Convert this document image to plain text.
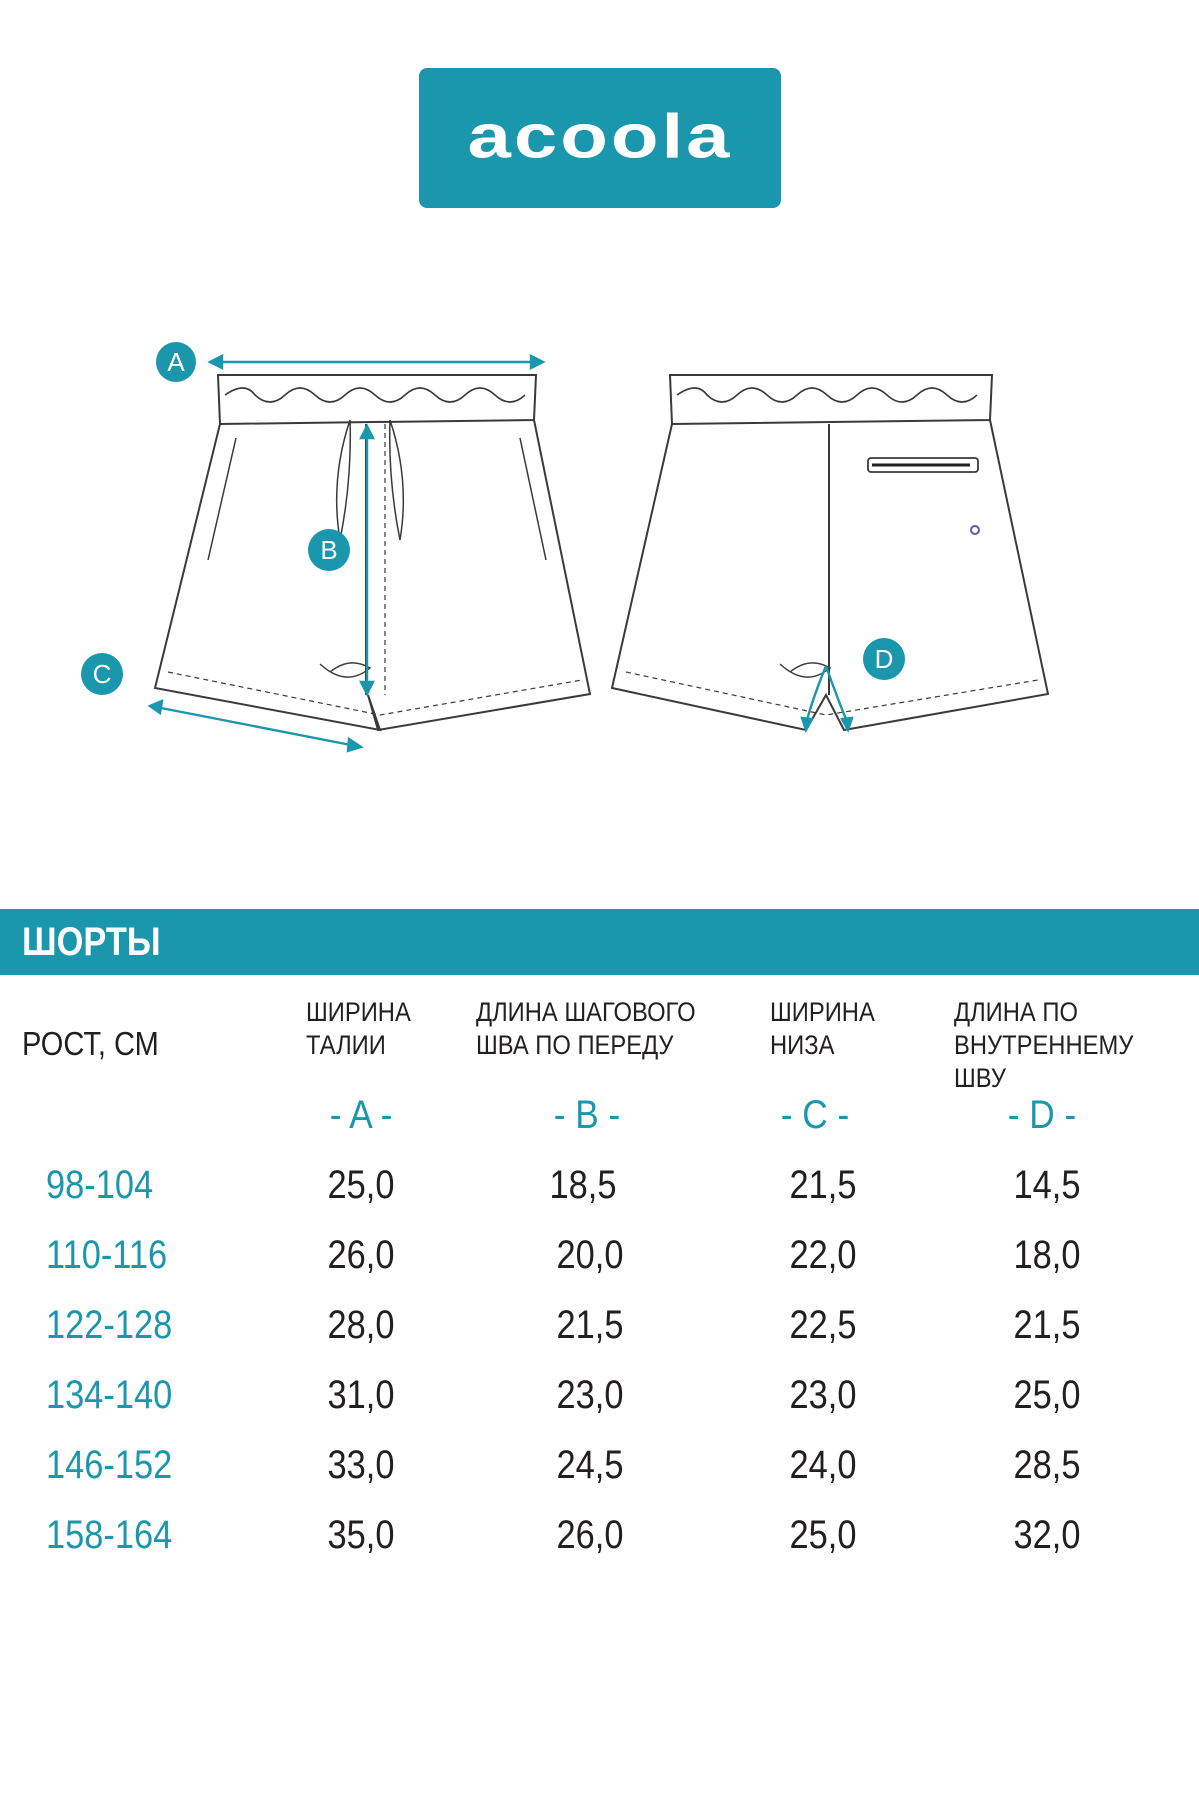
acoola
A
B
C	D
ШОРТЫ
РОСТ, СМ
ШИРИНА
ТАЛИИ
ДЛИНА ШАГОВОГО
ШВА ПО ПЕРЕДУ
ШИРИНА
НИЗА
ДЛИНА ПО
ВНУТРЕННЕМУ ШВУ
- A -	- B -	- C -	- D -
98-104	25,0	18,5	21,5	14,5
110-116	26,0	20,0	22,0	18,0
122-128	28,0	21,5	22,5	21,5
134-140	31,0	23,0	23,0	25,0
146-152	33,0	24,5	24,0	28,5
158-164	35,0	26,0	25,0	32,0
